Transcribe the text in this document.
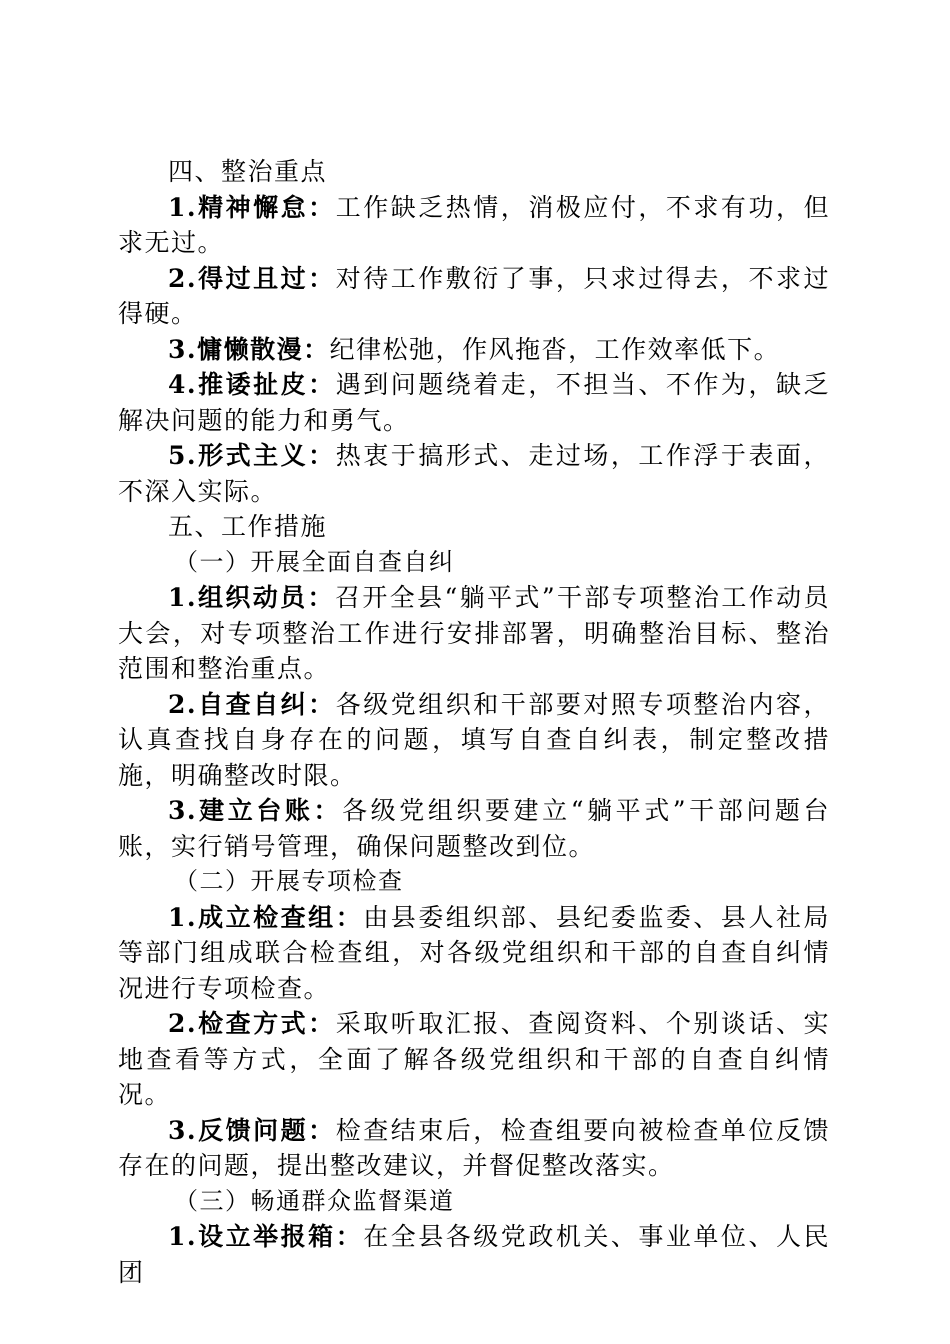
四、整治重点

1.精神懈怠：工作缺乏热情，消极应付，不求有功，但求无过。

2.得过且过：对待工作敷衍了事，只求过得去，不求过得硬。

3.慵懒散漫：纪律松弛，作风拖沓，工作效率低下。

4.推诿扯皮：遇到问题绕着走，不担当、不作为，缺乏解决问题的能力和勇气。

5.形式主义：热衷于搞形式、走过场，工作浮于表面，不深入实际。

五、工作措施

（一）开展全面自查自纠

1.组织动员：召开全县“躺平式”干部专项整治工作动员大会，对专项整治工作进行安排部署，明确整治目标、整治范围和整治重点。

2.自查自纠：各级党组织和干部要对照专项整治内容，认真查找自身存在的问题，填写自查自纠表，制定整改措施，明确整改时限。

3.建立台账：各级党组织要建立“躺平式”干部问题台账，实行销号管理，确保问题整改到位。

（二）开展专项检查

1.成立检查组：由县委组织部、县纪委监委、县人社局等部门组成联合检查组，对各级党组织和干部的自查自纠情况进行专项检查。

2.检查方式：采取听取汇报、查阅资料、个别谈话、实地查看等方式，全面了解各级党组织和干部的自查自纠情况。

3.反馈问题：检查结束后，检查组要向被检查单位反馈存在的问题，提出整改建议，并督促整改落实。

（三）畅通群众监督渠道

1.设立举报箱：在全县各级党政机关、事业单位、人民团
